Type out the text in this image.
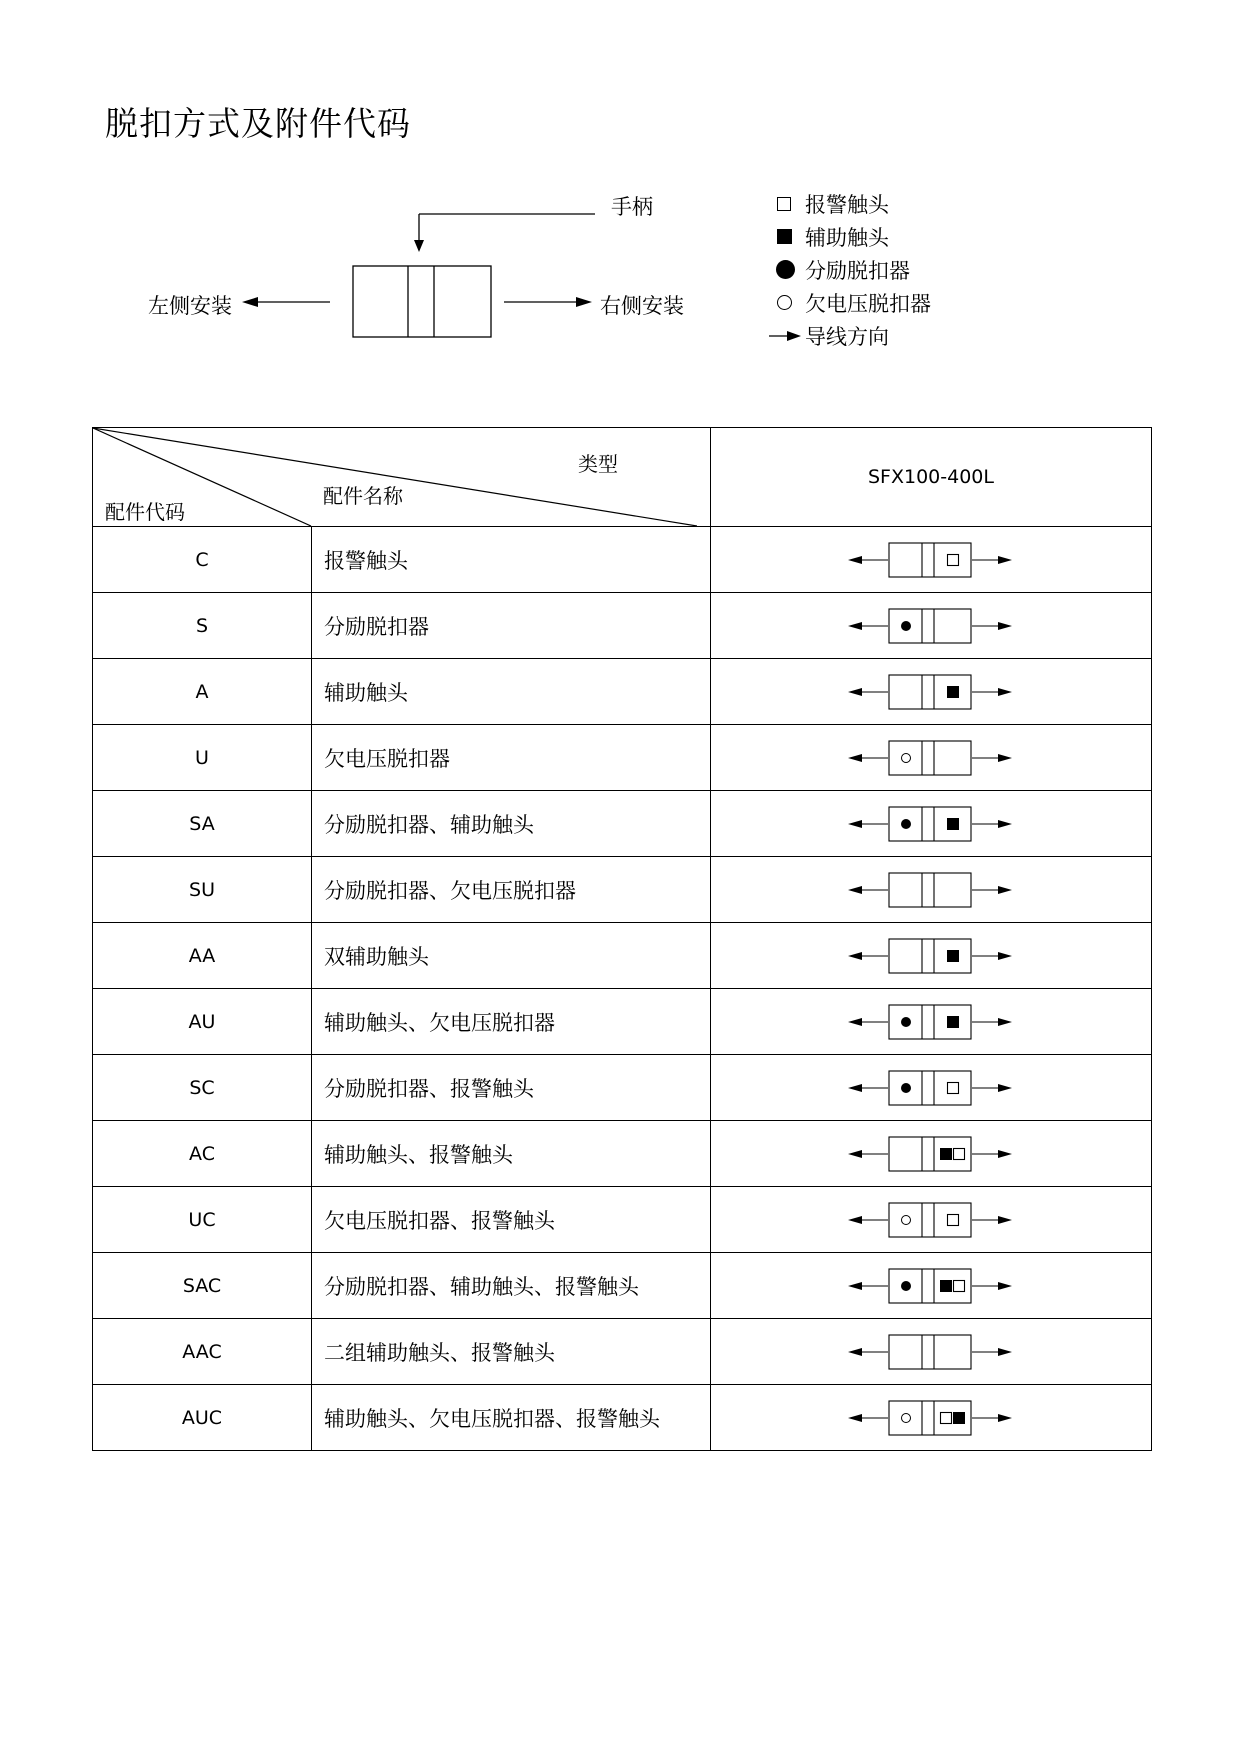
脱扣方式及附件代码
手柄
左侧安装	右侧安装
报警触头
辅助触头
分励脱扣器
欠电压脱扣器
导线方向
类型
配件名称
配件代码		SFX100-400L
C	报警触头	

S	分励脱扣器	

A	辅助触头	

U	欠电压脱扣器	

SA	分励脱扣器、辅助触头	

SU	分励脱扣器、欠电压脱扣器	

AA	双辅助触头	

AU	辅助触头、欠电压脱扣器	

SC	分励脱扣器、报警触头	

AC	辅助触头、报警触头	

UC	欠电压脱扣器、报警触头	

SAC	分励脱扣器、辅助触头、报警触头	

AAC	二组辅助触头、报警触头	

AUC	辅助触头、欠电压脱扣器、报警触头	
